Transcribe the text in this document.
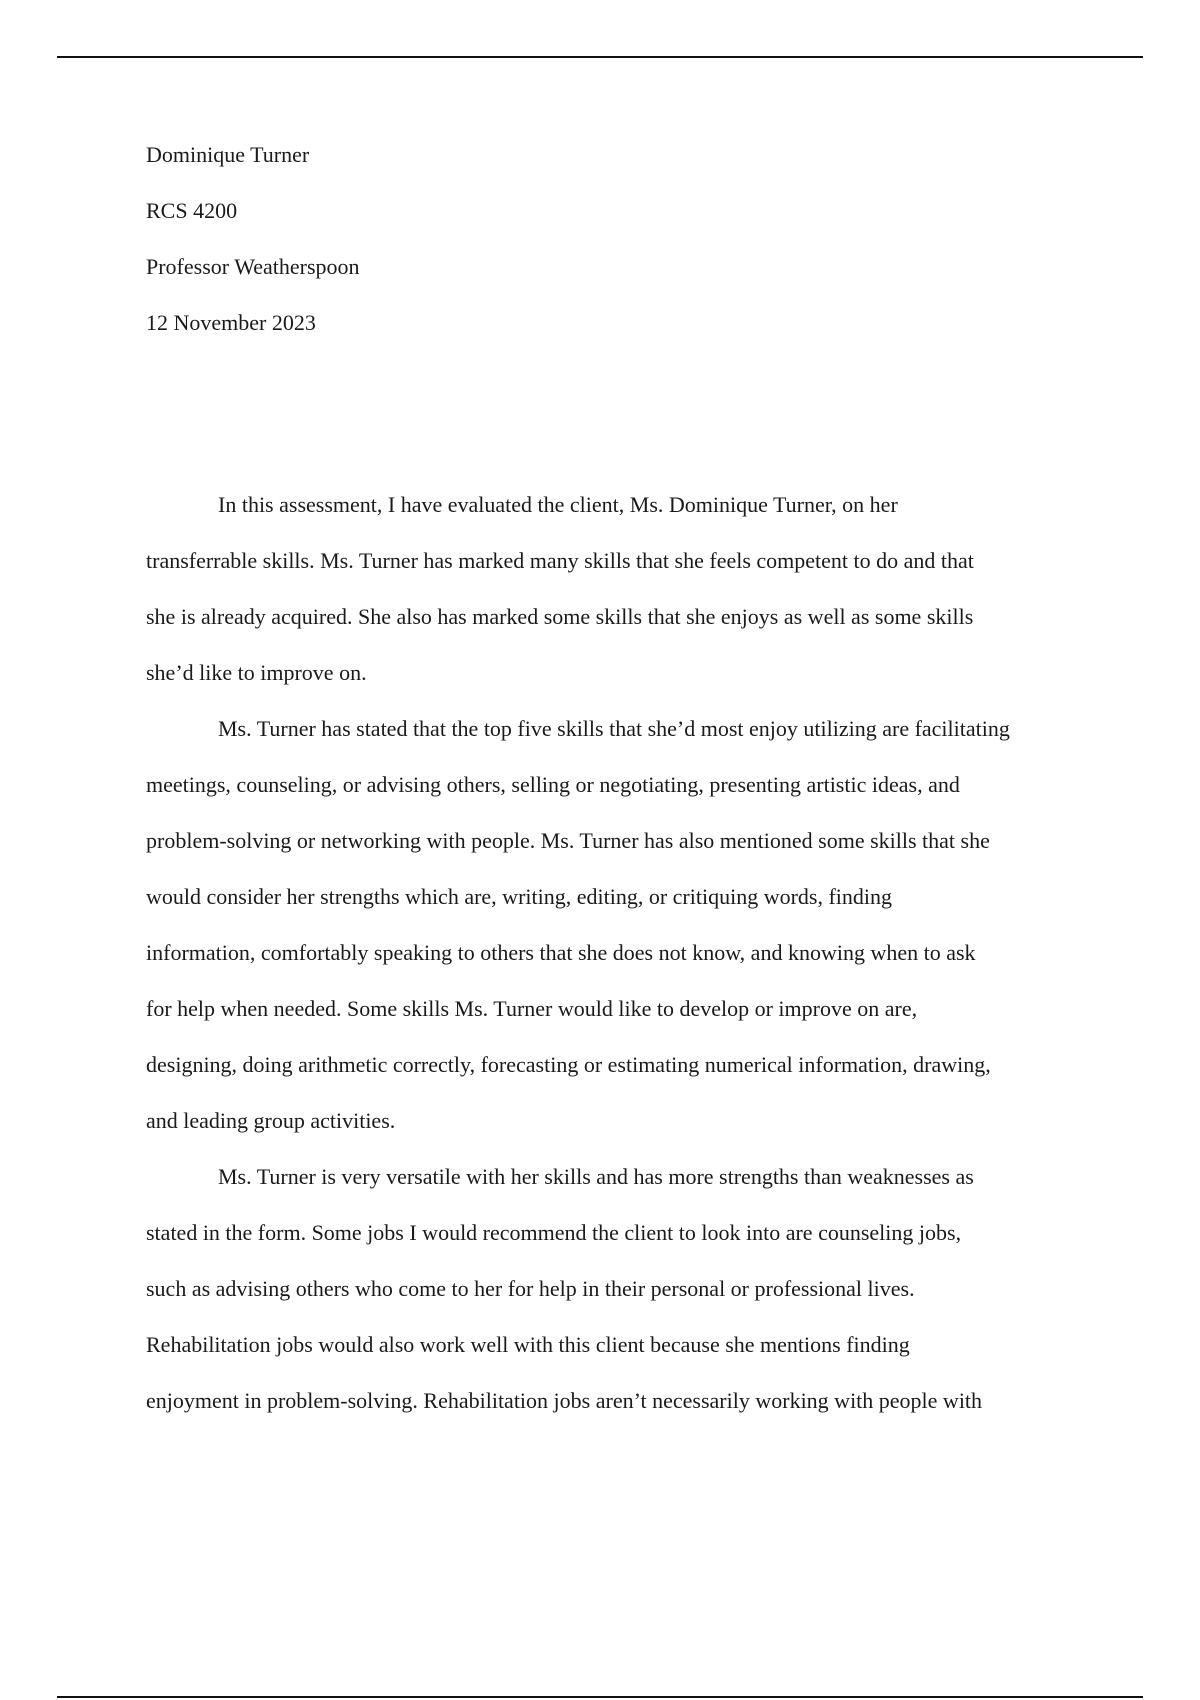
Dominique Turner
RCS 4200
Professor Weatherspoon
12 November 2023
In this assessment, I have evaluated the client, Ms. Dominique Turner, on her
transferrable skills. Ms. Turner has marked many skills that she feels competent to do and that
she is already acquired. She also has marked some skills that she enjoys as well as some skills
she’d like to improve on.
Ms. Turner has stated that the top five skills that she’d most enjoy utilizing are facilitating
meetings, counseling, or advising others, selling or negotiating, presenting artistic ideas, and
problem-solving or networking with people. Ms. Turner has also mentioned some skills that she
would consider her strengths which are, writing, editing, or critiquing words, finding
information, comfortably speaking to others that she does not know, and knowing when to ask
for help when needed. Some skills Ms. Turner would like to develop or improve on are,
designing, doing arithmetic correctly, forecasting or estimating numerical information, drawing,
and leading group activities.
Ms. Turner is very versatile with her skills and has more strengths than weaknesses as
stated in the form. Some jobs I would recommend the client to look into are counseling jobs,
such as advising others who come to her for help in their personal or professional lives.
Rehabilitation jobs would also work well with this client because she mentions finding
enjoyment in problem-solving. Rehabilitation jobs aren’t necessarily working with people with
